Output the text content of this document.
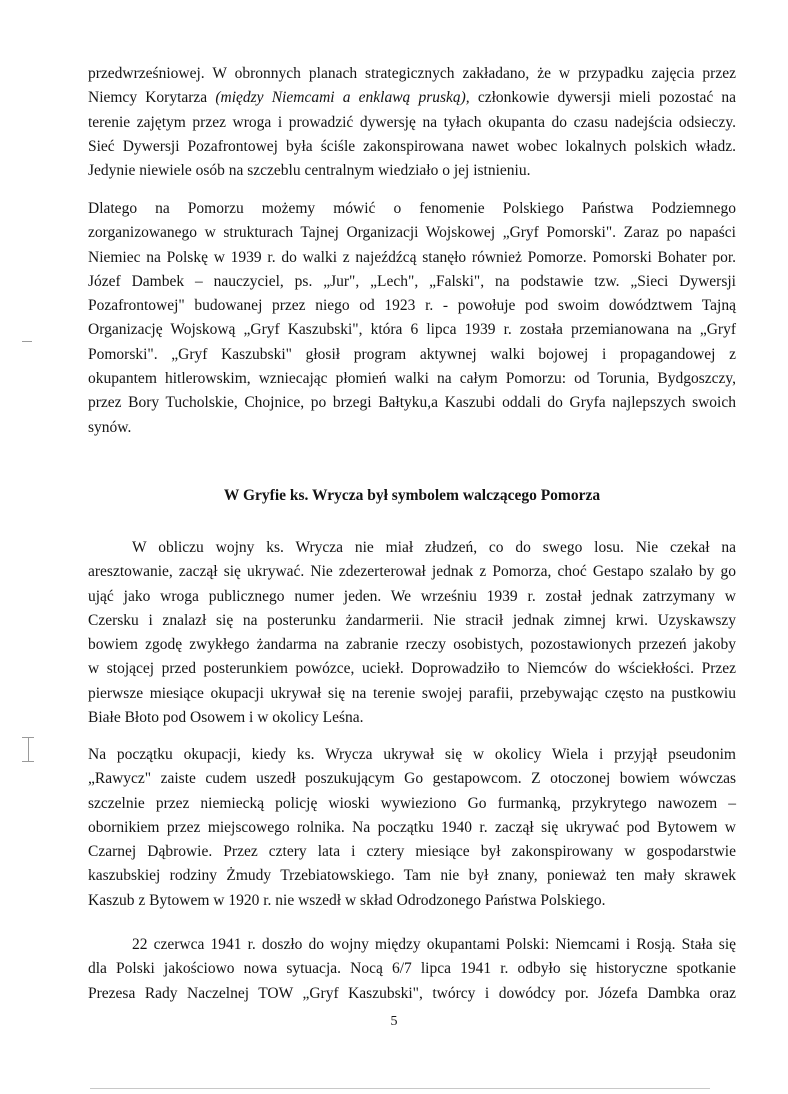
przedwrześniowej. W obronnych planach strategicznych zakładano, że w przypadku zajęcia przez

Niemcy Korytarza (między Niemcami a enklawą pruską), członkowie dywersji mieli pozostać na

terenie zajętym przez wroga i prowadzić dywersję na tyłach okupanta do czasu nadejścia odsieczy.

Sieć Dywersji Pozafrontowej była ściśle zakonspirowana nawet wobec lokalnych polskich władz.

Jedynie niewiele osób na szczeblu centralnym wiedziało o jej istnieniu.

Dlatego na Pomorzu możemy mówić o fenomenie Polskiego Państwa Podziemnego

zorganizowanego w strukturach Tajnej Organizacji Wojskowej „Gryf Pomorski". Zaraz po napaści

Niemiec na Polskę w 1939 r. do walki z najeźdźcą stanęło również Pomorze. Pomorski Bohater por.

Józef Dambek – nauczyciel, ps. „Jur", „Lech", „Falski", na podstawie tzw. „Sieci Dywersji

Pozafrontowej" budowanej przez niego od 1923 r. - powołuje pod swoim dowództwem Tajną

Organizację Wojskową „Gryf Kaszubski", która 6 lipca 1939 r. została przemianowana na „Gryf

Pomorski". „Gryf Kaszubski" głosił program aktywnej walki bojowej i propagandowej z

okupantem hitlerowskim, wzniecając płomień walki na całym Pomorzu: od Torunia, Bydgoszczy,

przez Bory Tucholskie, Chojnice, po brzegi Bałtyku,a Kaszubi oddali do Gryfa najlepszych swoich

synów.

W Gryfie ks. Wrycza był symbolem walczącego Pomorza

W obliczu wojny ks. Wrycza nie miał złudzeń, co do swego losu. Nie czekał na

aresztowanie, zaczął się ukrywać. Nie zdezerterował jednak z Pomorza, choć Gestapo szalało by go

ująć jako wroga publicznego numer jeden. We wrześniu 1939 r. został jednak zatrzymany w

Czersku i znalazł się na posterunku żandarmerii. Nie stracił jednak zimnej krwi. Uzyskawszy

bowiem zgodę zwykłego żandarma na zabranie rzeczy osobistych, pozostawionych przezeń jakoby

w stojącej przed posterunkiem powózce, uciekł. Doprowadziło to Niemców do wściekłości. Przez

pierwsze miesiące okupacji ukrywał się na terenie swojej parafii, przebywając często na pustkowiu

Białe Błoto pod Osowem i w okolicy Leśna.

Na początku okupacji, kiedy ks. Wrycza ukrywał się w okolicy Wiela i przyjął pseudonim

„Rawycz" zaiste cudem uszedł poszukującym Go gestapowcom. Z otoczonej bowiem wówczas

szczelnie przez niemiecką policję wioski wywieziono Go furmanką, przykrytego nawozem –

obornikiem przez miejscowego rolnika. Na początku 1940 r. zaczął się ukrywać pod Bytowem w

Czarnej Dąbrowie. Przez cztery lata i cztery miesiące był zakonspirowany w gospodarstwie

kaszubskiej rodziny Żmudy Trzebiatowskiego. Tam nie był znany, ponieważ ten mały skrawek

Kaszub z Bytowem w 1920 r. nie wszedł w skład Odrodzonego Państwa Polskiego.

22 czerwca 1941 r. doszło do wojny między okupantami Polski: Niemcami i Rosją. Stała się

dla Polski jakościowo nowa sytuacja. Nocą 6/7 lipca 1941 r. odbyło się historyczne spotkanie

Prezesa Rady Naczelnej TOW „Gryf Kaszubski", twórcy i dowódcy por. Józefa Dambka oraz

5
